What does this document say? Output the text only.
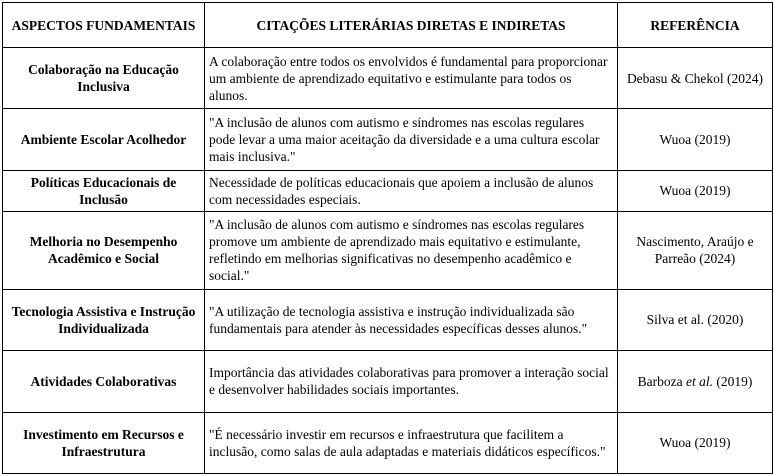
ASPECTOS FUNDAMENTAIS	CITAÇÕES LITERÁRIAS DIRETAS E INDIRETAS	REFERÊNCIA
Colaboração na Educação Inclusiva	A colaboração entre todos os envolvidos é fundamental para proporcionar um ambiente de aprendizado equitativo e estimulante para todos os alunos.	Debasu & Chekol (2024)
Ambiente Escolar Acolhedor	"A inclusão de alunos com autismo e síndromes nas escolas regulares pode levar a uma maior aceitação da diversidade e a uma cultura escolar mais inclusiva."	Wuoa (2019)
Políticas Educacionais de Inclusão	Necessidade de políticas educacionais que apoiem a inclusão de alunos com necessidades especiais.	Wuoa (2019)
Melhoria no Desempenho Acadêmico e Social	"A inclusão de alunos com autismo e síndromes nas escolas regulares promove um ambiente de aprendizado mais equitativo e estimulante, refletindo em melhorias significativas no desempenho acadêmico e social."	Nascimento, Araújo e Parreão (2024)
Tecnologia Assistiva e Instrução Individualizada	"A utilização de tecnologia assistiva e instrução individualizada são fundamentais para atender às necessidades específicas desses alunos."	Silva et al. (2020)
Atividades Colaborativas	Importância das atividades colaborativas para promover a interação social e desenvolver habilidades sociais importantes.	Barboza et al. (2019)
Investimento em Recursos e Infraestrutura	"É necessário investir em recursos e infraestrutura que facilitem a inclusão, como salas de aula adaptadas e materiais didáticos específicos."	Wuoa (2019)
